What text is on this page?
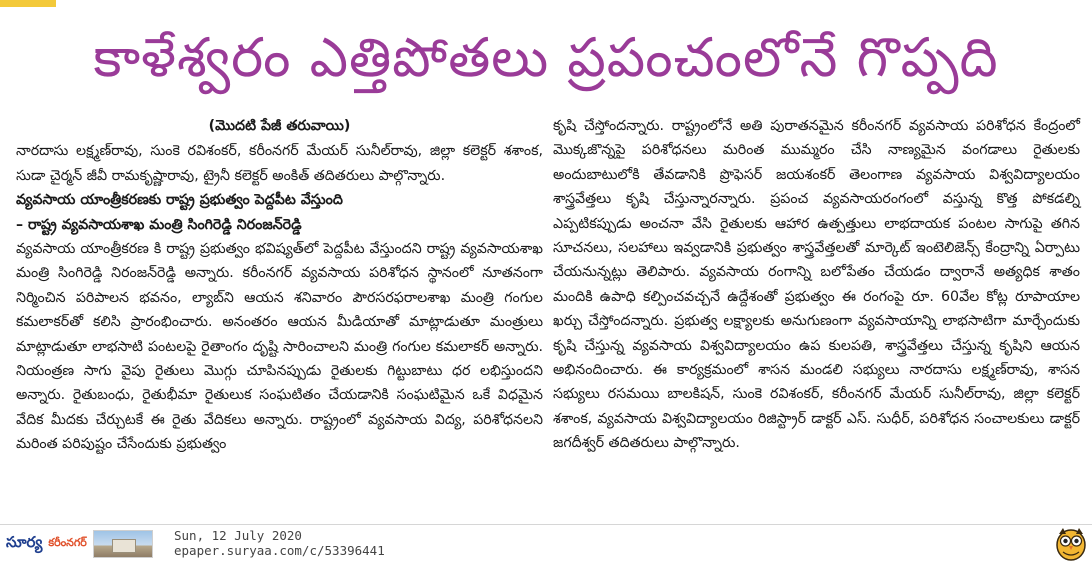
కాళేశ్వరం ఎత్తిపోతలు ప్రపంచంలోనే గొప్పది

(మొదటి పేజీ తరువాయి)

నారదాసు లక్ష్మణ్‌రావు, సుంకె రవిశంకర్, కరీంనగర్ మేయర్ సునీల్‌రావు, జిల్లా కలెక్టర్ శశాంక, సుడా చైర్మన్ జీవీ రామకృష్ణారావు, ట్రైనీ కలెక్టర్ అంకిత్ తదితరులు పాల్గొన్నారు.

వ్యవసాయ యాంత్రీకరణకు రాష్ట్ర ప్రభుత్వం పెద్దపీట వేస్తుంది

– రాష్ట్ర వ్యవసాయశాఖ మంత్రి సింగిరెడ్డి నిరంజన్‌రెడ్డి

వ్యవసాయ యాంత్రీకరణ కి రాష్ట్ర ప్రభుత్వం భవిష్యత్‌లో పెద్దపీట వేస్తుందని రాష్ట్ర వ్యవసాయశాఖ మంత్రి సింగిరెడ్డి నిరంజన్‌రెడ్డి అన్నారు. కరీంనగర్ వ్యవసాయ పరిశోధన స్థానంలో నూతనంగా నిర్మించిన పరిపాలన భవనం, ల్యాబ్‌ని ఆయన శనివారం పౌరసరఫరాలశాఖ మంత్రి గంగుల కమలాకర్‌తో కలిసి ప్రారంభించారు. అనంతరం ఆయన మీడియాతో మాట్లాడుతూ మంత్రులు మాట్లాడుతూ లాభసాటి పంటలపై రైతాంగం దృష్టి సారించాలని మంత్రి గంగుల కమలాకర్ అన్నారు. నియంత్రణ సాగు వైపు రైతులు మొగ్గు చూపినప్పుడు రైతులకు గిట్టుబాటు ధర లభిస్తుందని అన్నారు. రైతుబంధు, రైతుభీమా రైతులుక సంఘటితం చేయడానికి సంఘటిమైన ఒకే విధమైన వేదిక మీదకు చేర్చుటకే ఈ రైతు వేదికలు అన్నారు. రాష్ట్రంలో వ్యవసాయ విద్య, పరిశోధనలని మరింత పరిపుష్టం చేసేందుకు ప్రభుత్వం

కృషి చేస్తోందన్నారు. రాష్ట్రంలోనే అతి పురాతనమైన కరీంనగర్ వ్యవసాయ పరిశోధన కేంద్రంలో మొక్కజొన్నపై పరిశోధనలు మరింత ముమ్మరం చేసి నాణ్యమైన వంగడాలు రైతులకు అందుబాటులోకి తేవడానికి ప్రొఫెసర్ జయశంకర్ తెలంగాణ వ్యవసాయ విశ్వవిద్యాలయం శాస్త్రవేత్తలు కృషి చేస్తున్నారన్నారు. ప్రపంచ వ్యవసాయరంగంలో వస్తున్న కొత్త పోకడల్ని ఎప్పటికప్పుడు అంచనా వేసి రైతులకు ఆహార ఉత్పత్తులు లాభదాయక పంటల సాగుపై తగిన సూచనలు, సలహాలు ఇవ్వడానికి ప్రభుత్వం శాస్త్రవేత్తలతో మార్కెట్ ఇంటెలిజెన్స్ కేంద్రాన్ని ఏర్పాటు చేయనున్నట్లు తెలిపారు. వ్యవసాయ రంగాన్ని బలోపేతం చేయడం ద్వారానే అత్యధిక శాతం మందికి ఉపాధి కల్పించవచ్చనే ఉద్దేశంతో ప్రభుత్వం ఈ రంగంపై రూ. 60వేల కోట్ల రూపాయాల ఖర్చు చేస్తోందన్నారు. ప్రభుత్వ లక్ష్యాలకు అనుగుణంగా వ్యవసాయాన్ని లాభసాటిగా మార్చేందుకు కృషి చేస్తున్న వ్యవసాయ విశ్వవిద్యాలయం ఉప కులపతి, శాస్త్రవేత్తలు చేస్తున్న కృషిని ఆయన అభినందించారు. ఈ కార్యక్రమంలో శాసన మండలి సభ్యులు నారదాసు లక్ష్మణ్‌రావు, శాసన సభ్యులు రసమయి బాలకిషన్, సుంకె రవిశంకర్, కరీంనగర్ మేయర్ సునీల్‌రావు, జిల్లా కలెక్టర్ శశాంక, వ్యవసాయ విశ్వవిద్యాలయం రిజిస్ట్రార్ డాక్టర్ ఎస్. సుధీర్, పరిశోధన సంచాలకులు డాక్టర్ జగదీశ్వర్ తదితరులు పాల్గొన్నారు.

సూర్య కరీంనగర్	Sun, 12 July 2020
epaper.suryaa.com/c/53396441
